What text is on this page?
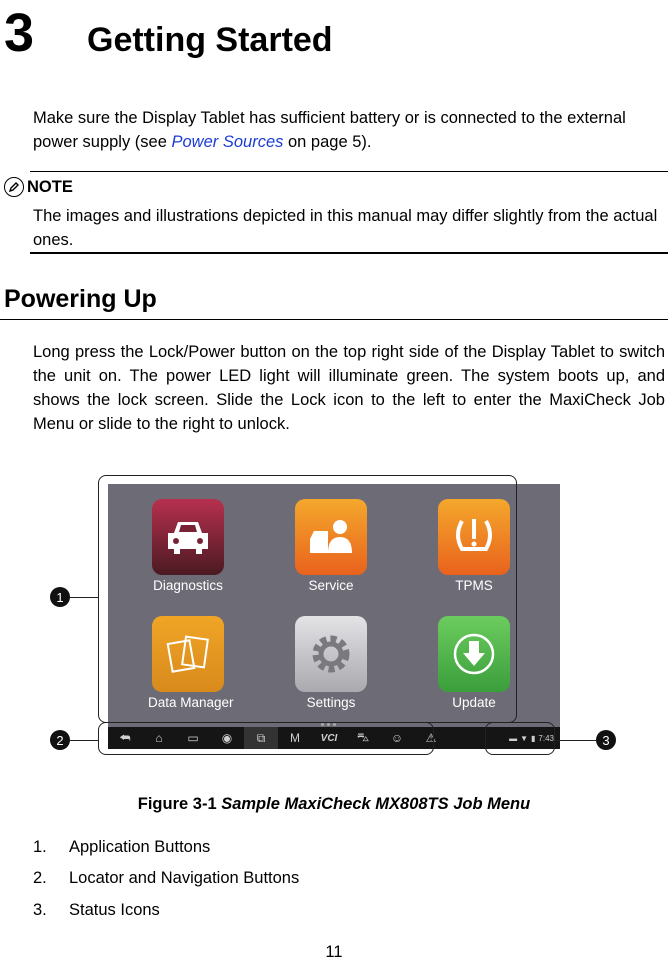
3 Getting Started
Make sure the Display Tablet has sufficient battery or is connected to the external power supply (see Power Sources on page 5).
NOTE
The images and illustrations depicted in this manual may differ slightly from the actual ones.
Powering Up
Long press the Lock/Power button on the top right side of the Display Tablet to switch the unit on. The power LED light will illuminate green. The system boots up, and shows the lock screen. Slide the Lock icon to the left to enter the MaxiCheck Job Menu or slide to the right to unlock.
Diagnostics	Service	TPMS
Data Manager	Settings	Update
⮪	⌂	▭	◉	⧉	M	VCI	⛍	☺	⚠	▬ ▼ ▮ 7:43
1
2	3
Figure 3-1 Sample MaxiCheck MX808TS Job Menu
1.	Application Buttons
2.	Locator and Navigation Buttons
3.	Status Icons
11
